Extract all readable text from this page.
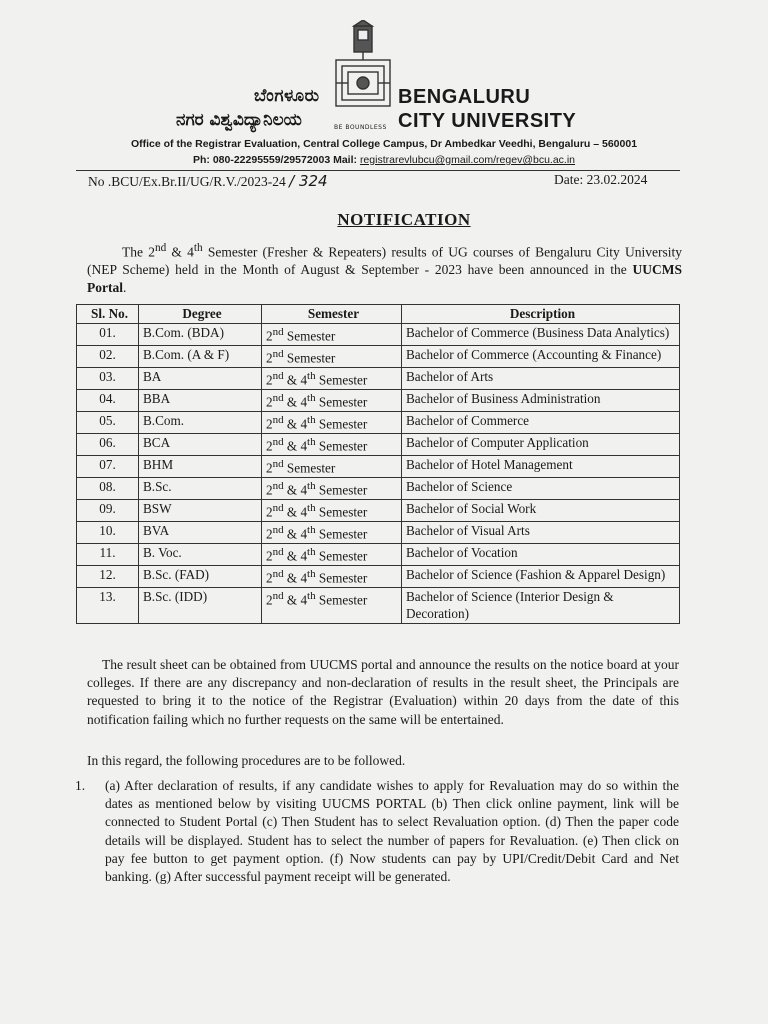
ಬೆಂಗಳೂರು
ನಗರ ವಿಶ್ವವಿದ್ಯಾನಿಲಯ	BE BOUNDLESS
BENGALURU
CITY UNIVERSITY
Office of the Registrar Evaluation, Central College Campus, Dr Ambedkar Veedhi, Bengaluru – 560001
Ph: 080-22295559/29572003 Mail: registrarevlubcu@gmail.com/regev@bcu.ac.in
No .BCU/Ex.Br.II/UG/R.V./2023-24 / 324	Date: 23.02.2024
NOTIFICATION
The 2nd & 4th Semester (Fresher & Repeaters) results of UG courses of Bengaluru City University (NEP Scheme) held in the Month of August & September - 2023 have been announced in the UUCMS Portal.
Sl. No.	Degree	Semester	Description
01.	B.Com. (BDA)	2nd Semester	Bachelor of Commerce (Business Data Analytics)
02.	B.Com. (A & F)	2nd Semester	Bachelor of Commerce (Accounting & Finance)
03.	BA	2nd & 4th Semester	Bachelor of Arts
04.	BBA	2nd & 4th Semester	Bachelor of Business Administration
05.	B.Com.	2nd & 4th Semester	Bachelor of Commerce
06.	BCA	2nd & 4th Semester	Bachelor of Computer Application
07.	BHM	2nd Semester	Bachelor of Hotel Management
08.	B.Sc.	2nd & 4th Semester	Bachelor of Science
09.	BSW	2nd & 4th Semester	Bachelor of Social Work
10.	BVA	2nd & 4th Semester	Bachelor of Visual Arts
11.	B. Voc.	2nd & 4th Semester	Bachelor of Vocation
12.	B.Sc. (FAD)	2nd & 4th Semester	Bachelor of Science (Fashion & Apparel Design)
13.	B.Sc. (IDD)	2nd & 4th Semester	Bachelor of Science (Interior Design & Decoration)
The result sheet can be obtained from UUCMS portal and announce the results on the notice board at your colleges. If there are any discrepancy and non-declaration of results in the result sheet, the Principals are requested to bring it to the notice of the Registrar (Evaluation) within 20 days from the date of this notification failing which no further requests on the same will be entertained.
In this regard, the following procedures are to be followed.
1.	(a) After declaration of results, if any candidate wishes to apply for Revaluation may do so within the dates as mentioned below by visiting UUCMS PORTAL (b) Then click online payment, link will be connected to Student Portal (c) Then Student has to select Revaluation option. (d) Then the paper code details will be displayed. Student has to select the number of papers for Revaluation. (e) Then click on pay fee button to get payment option. (f) Now students can pay by UPI/Credit/Debit Card and Net banking. (g) After successful payment receipt will be generated.
